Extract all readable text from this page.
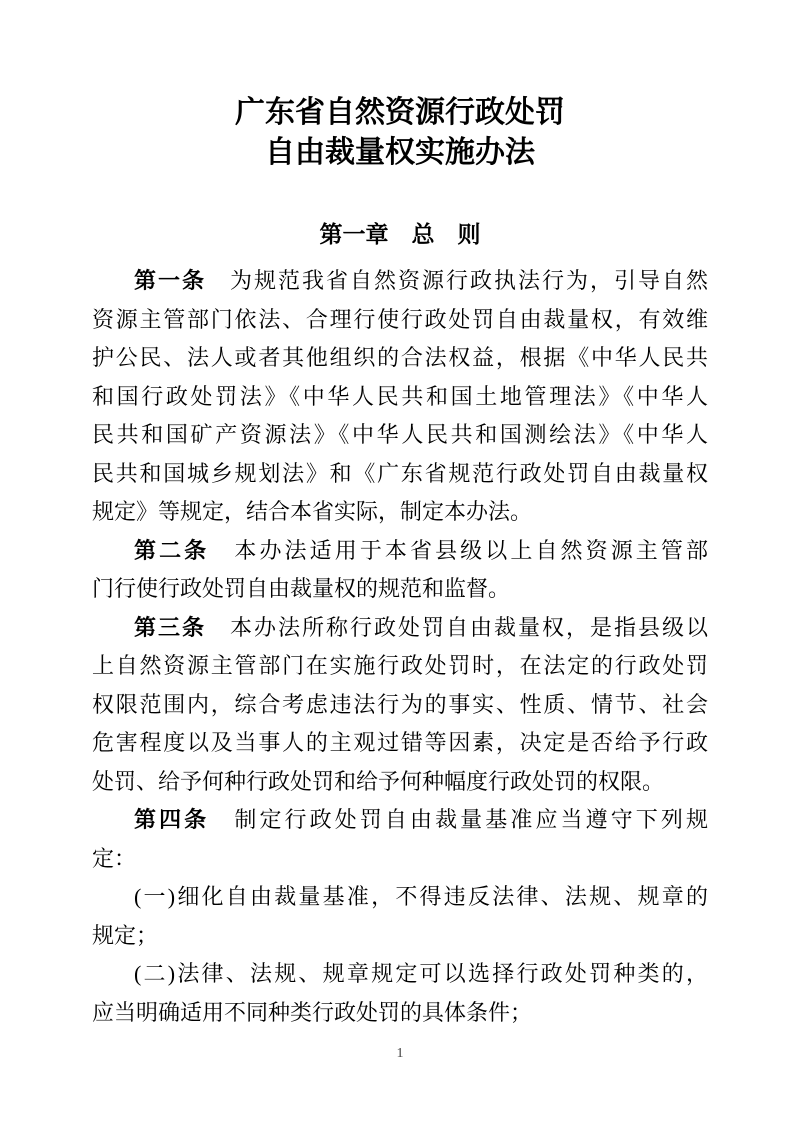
广东省自然资源行政处罚
自由裁量权实施办法
第一章　总　则
第一条　为规范我省自然资源行政执法行为，引导自然
资源主管部门依法、合理行使行政处罚自由裁量权，有效维
护公民、法人或者其他组织的合法权益，根据《中华人民共
和国行政处罚法》《中华人民共和国土地管理法》《中华人
民共和国矿产资源法》《中华人民共和国测绘法》《中华人
民共和国城乡规划法》和《广东省规范行政处罚自由裁量权
规定》等规定，结合本省实际，制定本办法。
第二条　本办法适用于本省县级以上自然资源主管部
门行使行政处罚自由裁量权的规范和监督。
第三条　本办法所称行政处罚自由裁量权，是指县级以
上自然资源主管部门在实施行政处罚时，在法定的行政处罚
权限范围内，综合考虑违法行为的事实、性质、情节、社会
危害程度以及当事人的主观过错等因素，决定是否给予行政
处罚、给予何种行政处罚和给予何种幅度行政处罚的权限。
第四条　制定行政处罚自由裁量基准应当遵守下列规
定：
(一)细化自由裁量基准，不得违反法律、法规、规章的
规定；
(二)法律、法规、规章规定可以选择行政处罚种类的，
应当明确适用不同种类行政处罚的具体条件；
1
